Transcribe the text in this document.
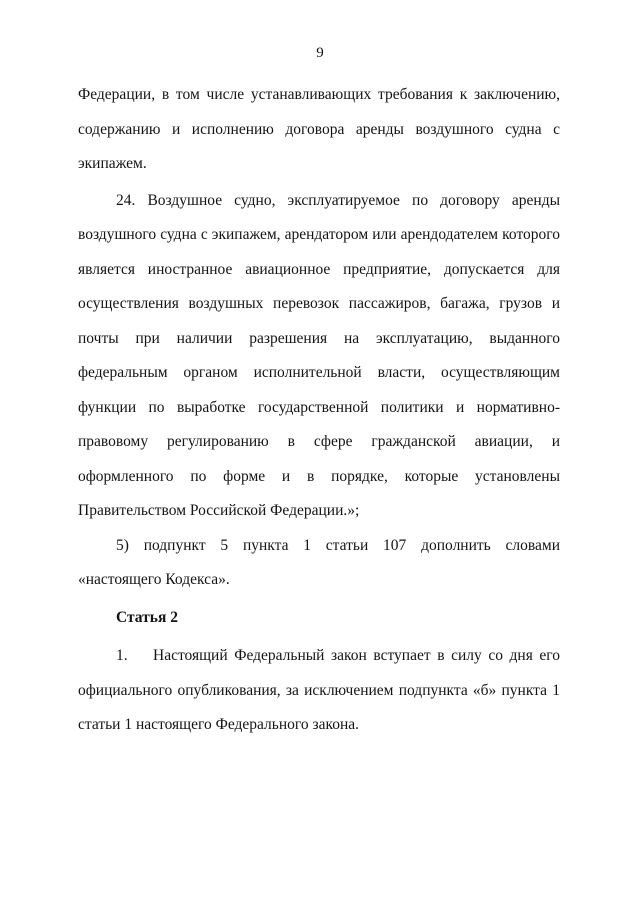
9

Федерации, в том числе устанавливающих требования к заключению, содержанию и исполнению договора аренды воздушного судна с экипажем.

24. Воздушное судно, эксплуатируемое по договору аренды воздушного судна с экипажем, арендатором или арендодателем которого является иностранное авиационное предприятие, допускается для осуществления воздушных перевозок пассажиров, багажа, грузов и почты при наличии разрешения на эксплуатацию, выданного федеральным органом исполнительной власти, осуществляющим функции по выработке государственной политики и нормативно-правовому регулированию в сфере гражданской авиации, и оформленного по форме и в порядке, которые установлены Правительством Российской Федерации.»;

5) подпункт 5 пункта 1 статьи 107 дополнить словами «настоящего Кодекса».

Статья 2

1. Настоящий Федеральный закон вступает в силу со дня его официального опубликования, за исключением подпункта «б» пункта 1 статьи 1 настоящего Федерального закона.
